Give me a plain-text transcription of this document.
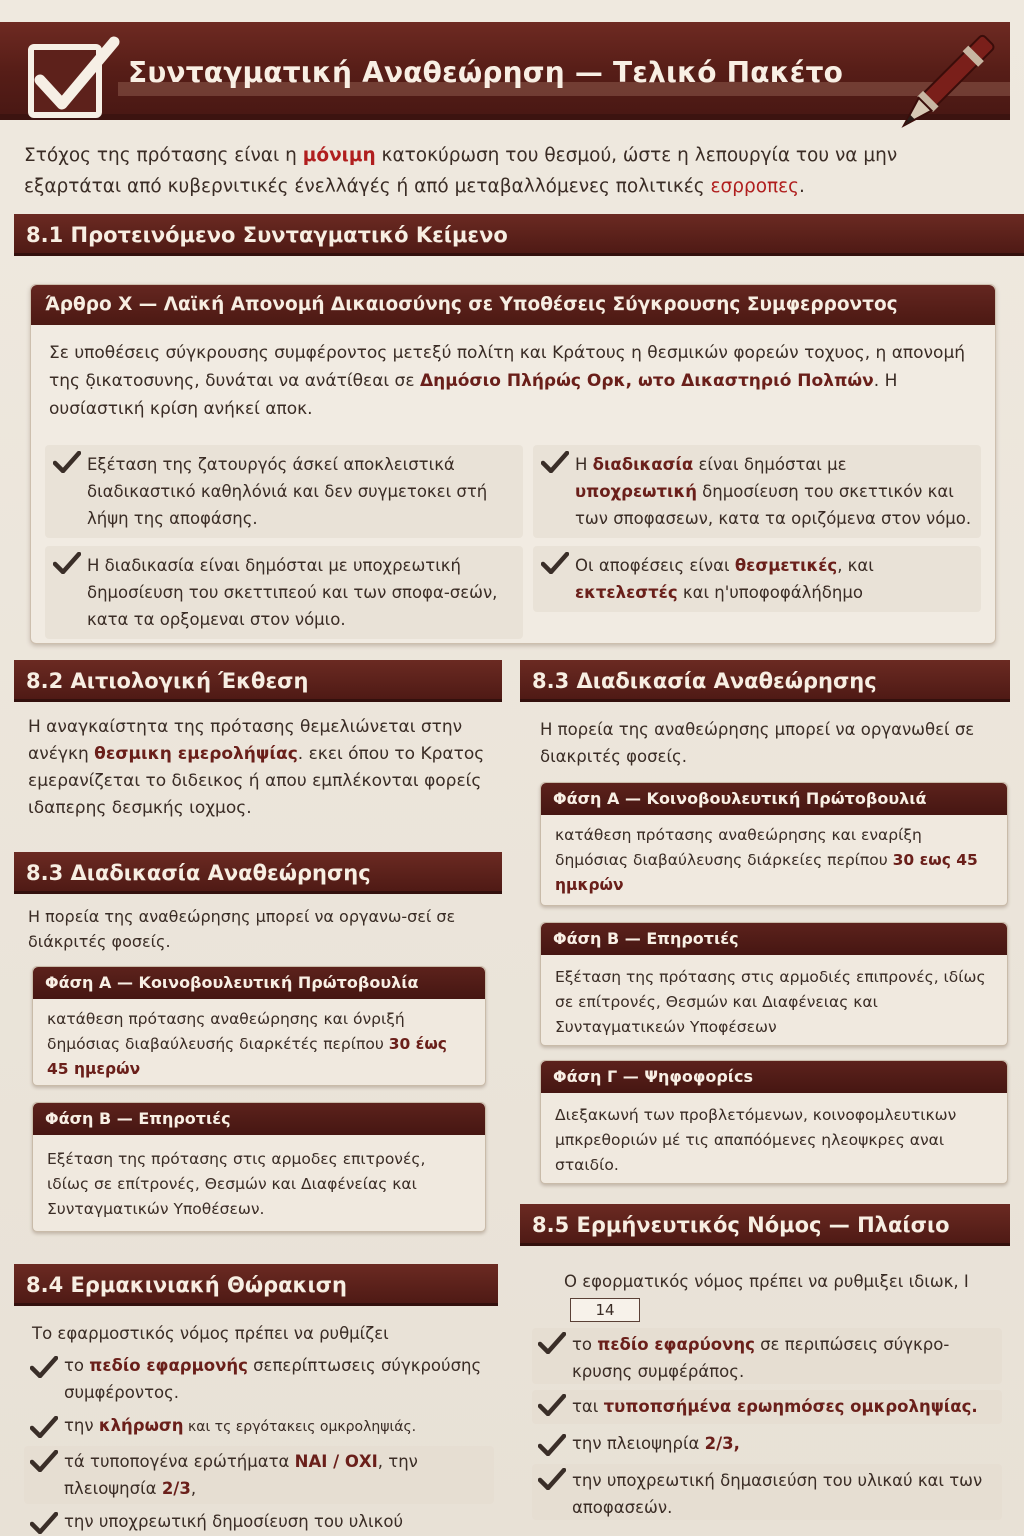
Συνταγματική Αναθεώρηση — Τελικό Πακέτο
Στόχος της πρότασης είναι η μόνιμη κατοκύρωση του θεσμού, ώστε η λεπουργία του να μην εξαρτάται από κυβερνιτικές ένελλάγές ή από μεταβαλλόμενες πολιτικές εσρροπες.
8.1 Προτεινόμενο Συνταγματικό Κείμενο
Άρθρο X — Λαϊκή Απονομή Δικαιοσύνης σε Υποθέσεις Σύγκρουσης Συμφερροντος
Σε υποθέσεις σύγκρουσης συμφέροντος μετεξύ πολίτη και Κράτους η θεσμικών φορεών τοχυος, η απονομή της δ̣ικατοσυνης, δυνάται να ανάτίθεαι σε Δημόσιο Πλήρώς Ορκ, ωτο Δικαστηριό Πολπών. Η ουσίαστική κρίση ανήκεί αποκ.
Εξέταση της ζατουργός άσκεί αποκλειστικά διαδικαστικό καθηλόνιά και δεν συγμετοκει στή λήψη της αποφάσης.
Η διαδικασία είναι δημόσται με υποχρεωτική δημοσίευση του σκεττιπεού και των σποφα-σεών, κατα τα ορξομεναι στον νόμιο.
Η διαδικασία είναι δημόσται με υποχρεωτική δημοσίευση του σκεττικόν και των σποφασεων, κατα τα οριζόμενα στον νόμο.
Οι αποφέσεις είναι θεσμετικές, και εκτελεστές και η'υποφοφάλήδημο
8.2 Αιτιολογική Έκθεση
Η αναγκαίστητα της πρότασης θεμελιώνεται στην ανέγκη θεσμικη εμερολήψίας. εκει όπου το Κρατος εμερανίζεται το διδεικος ή απου εμπλέκονται φορείς ιδαπερης δεσμκής ιοχμος.
8.3 Διαδικασία Αναθεώρησης
Η πορεία της αναθεώρησης μπορεί να οργανω-σεί σε διάκριτές φοσείς.
Φάση Α — Κοινοβουλευτική Πρώτοβουλία
κατάθεση πρότασης αναθεώρησης και όνριξή δημόσιας διαβαύλευσής διαρκέτές περίπου 30 έως 45 ημερών
Φάση Β — Επηροτιές
Εξέταση της πρότασης στις αρμοδες επιτρονές, ιδίως σε επίτρονές, Θεσμών και Διαφένείας και Συνταγματικών Υποθέσεων.
8.3 Διαδικασία Αναθεώρησης
Η πορεία της αναθεώρησης μπορεί να οργανωθεί σε διακριτές φοσείς.
Φάση Α — Κοινοβουλευτική Πρώτοβουλιά
κατάθεση πρότασης αναθεώρησης και εναρίξη δημόσιας διαβαύλευσης διάρκείες περίπου 30 εως 45 ημκρών
Φάση Β — Επηροτιές
Εξέταση της πρότασης στις αρμοδιές επιπρονές, ιδίως σε επίτρονές, Θεσμών και Διαφένειας και Συνταγματικεών Υποφέσεων
Φάση Γ — Ψηφοφορίcs
Διεξακωνή των προβλετόμενων, κοινοφομλευτικων μπκρεθοριών μέ τις απαπόόμενες ηλεοψκρες αναι σταιδίο.
8.5 Ερμήνευτικός Νόμος — Πλαίσιο
Ο εφορματικός νόμος πρέπει να ρυθμιξει ιδιωκ, Ι14
το πεδίο εφαρύονης σε περιπώσεις σύγκρο-κρυσης συμφέράπος.
ται τυποπσήμένα ερωηmόσες ομκροληψίας.
την πλειοψηρία 2/3,
την υποχρεωτική δημασιεύση του υλικαύ και των αποφασεών.
8.4 Ερμακινιακή Θώρακιση
Το εφαρμοστικός νόμος πρέπει να ρυθμίζει
το πεδίο εφαρμονής σεπερίπτωσεις σύγκρούσης συμφέροντος.
την κλήρωση και τς εργότακεις ομκροληψιάς.
τά τυποπογένα ερώτήματα ΝΑΙ / ΟΧΙ, την πλειοψησία 2/3,
την υποχρεωτική δημοσίευση του υλικού
